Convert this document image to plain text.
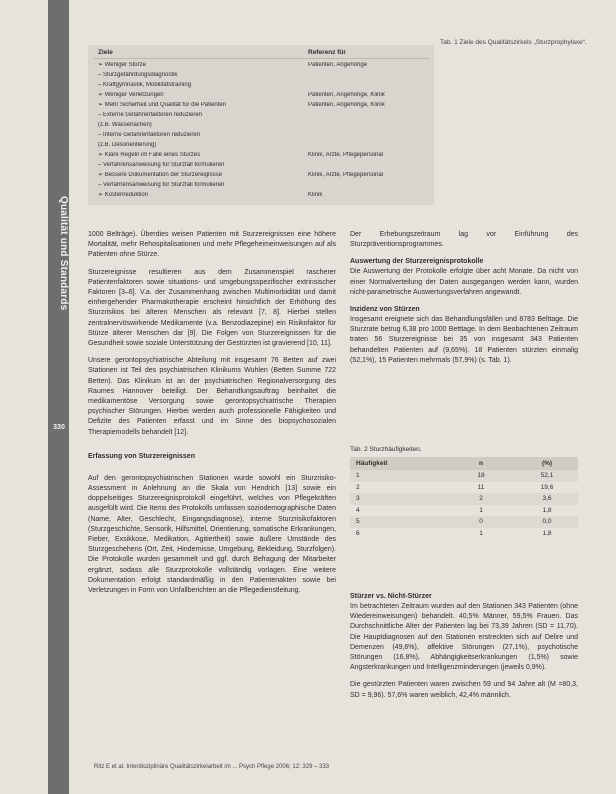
Qualität und Standards
330
Ziele	Referenz für
➢ Weniger Stürze	Patienten, Angehörige
– Sturzgefährdungsdiagnostik
– Kraftgymnastik, Mobilitätstraining
➢ Weniger Verletzungen	Patienten, Angehörige, Klinik
➢ Mehr Sicherheit und Qualität für die Patienten	Patienten, Angehörige, Klinik
– Externe Gefahrenfaktoren reduzieren
(z.B. Wasserlachen)
– Interne Gefahrenfaktoren reduzieren
(z.B. Desorientierung)
➢ Klare Regeln im Falle eines Sturzes	Klinik, Ärzte, Pflegepersonal
– Verfahrensanweisung für Sturzfall formulieren
➢ Bessere Dokumentation der Sturzereignisse	Klinik, Ärzte, Pflegepersonal
– Verfahrensanweisung für Sturzfall formulieren
➢ Kostenreduktion	Klinik
Tab. 1 Ziele des Qualitätszirkels „Sturzprophylaxe“.

1000 Belträge). Überdies weisen Patienten mit Sturzereignissen eine höhere Mortalität, mehr Rehospitalisationen und mehr Pflegeheimeinweisungen auf als Patienten ohne Stürze.

Sturzereignisse resultieren aus dem Zusammenspiel rascherer Patientenfaktoren sowie situations- und umgebungsspezifischer extrinsischer Faktoren [3–6]. V.a. der Zusammenhang zwischen Multimorbidität und damit einhergehender Pharmakotherapie erscheint hinsichtlich der Erhöhung des Sturzrisikos bei älteren Menschen als relevant [7, 8]. Hierbei stellen zentralnervöswirkende Medikamente (v.a. Benzodiazepine) ein Risikofaktor für Stürze älterer Menschen dar [9]. Die Folgen von Sturzereignissen für die Gesundheit sowie soziale Unterstützung der Gestürzten ist gravierend [10, 11].

Unsere gerontopsychiatrische Abteilung mit insgesamt 76 Betten auf zwei Stationen ist Teil des psychiatrischen Klinikums Wuhlen (Betten Summe 722 Betten). Das Klinikum ist an der psychiatrischen Regionalversorgung des Raumes Hannover beteiligt. Der Behandlungsauftrag beinhaltet die medikamentöse Versorgung sowie gerontopsychiatrische Therapien psychischer Störungen. Hierbei werden auch professionelle Fähigkeiten und Defizite des Patienten erfasst und im Sinne des biopsychosozialen Therapiemodells behandelt [12].

Erfassung von Sturzereignissen

Auf den gerontopsychiatrischen Stationen wurde sowohl ein Sturzrisiko-Assessment in Anlehnung an die Skala von Hendrich [13] sowie ein doppelseitiges Sturzereignisprotokoll eingeführt, welches von Pflegekräften ausgefüllt wird. Die Items des Protokolls umfassen soziodemographische Daten (Name, Alter, Geschlecht, Eingangsdiagnose), interne Sturzrisikofaktoren (Sturzgeschichte, Sensorik, Hilfsmittel, Orientierung, somatische Erkrankungen, Fieber, Exsikkose, Medikation, Agitiertheit) sowie äußere Umstände des Sturzgeschehens (Ort, Zeit, Hindernisse, Umgebung, Bekleidung, Sturzfolgen). Die Protokolle wurden gesammelt und ggf. durch Befragung der Mitarbeiter ergänzt, sodass alle Sturzprotokolle vollständig vorlagen. Eine weitere Dokumentation erfolgt standardmäßig in den Patientenakten sowie bei Verletzungen in Form von Unfallberichten an die Pflegedienstleitung.

Der Erhebungszeitraum lag vor Einführung des Sturzpräventionsprogrammes.

Auswertung der Sturzereignisprotokolle

Die Auswertung der Protokolle erfolgte über acht Monate. Da nicht von einer Normalverteilung der Daten ausgegangen werden kann, wurden nicht-parametrische Auswertungsverfahren angewandt.

Inzidenz von Stürzen

Insgesamt ereignete sich das Behandlungsfällen und 8783 Belttage. Die Sturzrate betrug 6,38 pro 1000 Betttage. In dem Beobachtenen Zeitraum traten 56 Sturzereignisse bei 35 von insgesamt 343 Patienten behandelten Patienten auf (9,65%). 18 Patienten stürzten einmalig (52,1%), 15 Patienten mehrmals (57,9%) (s. Tab. 1).

Tab. 2 Sturzhäufigkeiten.
Häufigkeit	n	(%)
1	18	52,1
2	11	19,6
3	2	3,6
4	1	1,8
5	0	0,0
6	1	1,8
Stürzer vs. Nicht-Stürzer

Im betrachteten Zeitraum wurden auf den Stationen 343 Patienten (ohne Wiedereinweisungen) behandelt. 40,5% Männer, 59,5% Frauen. Das Durchschnittliche Alter der Patienten lag bei 73,39 Jahren (SD = 11,70). Die Hauptdiagnosen auf den Stationen erstreckten sich auf Delire und Demenzen (49,6%), affektive Störungen (27,1%), psychotische Störungen (16,8%), Abhängigkeitserkrankungen (1,5%) sowie Angsterkrankungen und Intelligenzminderungen (jeweils 0,9%).

Die gestürzten Patienten waren zwischen 59 und 94 Jahre alt (M =80,3, SD = 9,96). 57,6% waren weiblich, 42,4% männlich.

Ritz E et al. Interdisziplinäre Qualitätszirkelarbeit im ... Psych Pflege 2006; 12: 329 – 333
